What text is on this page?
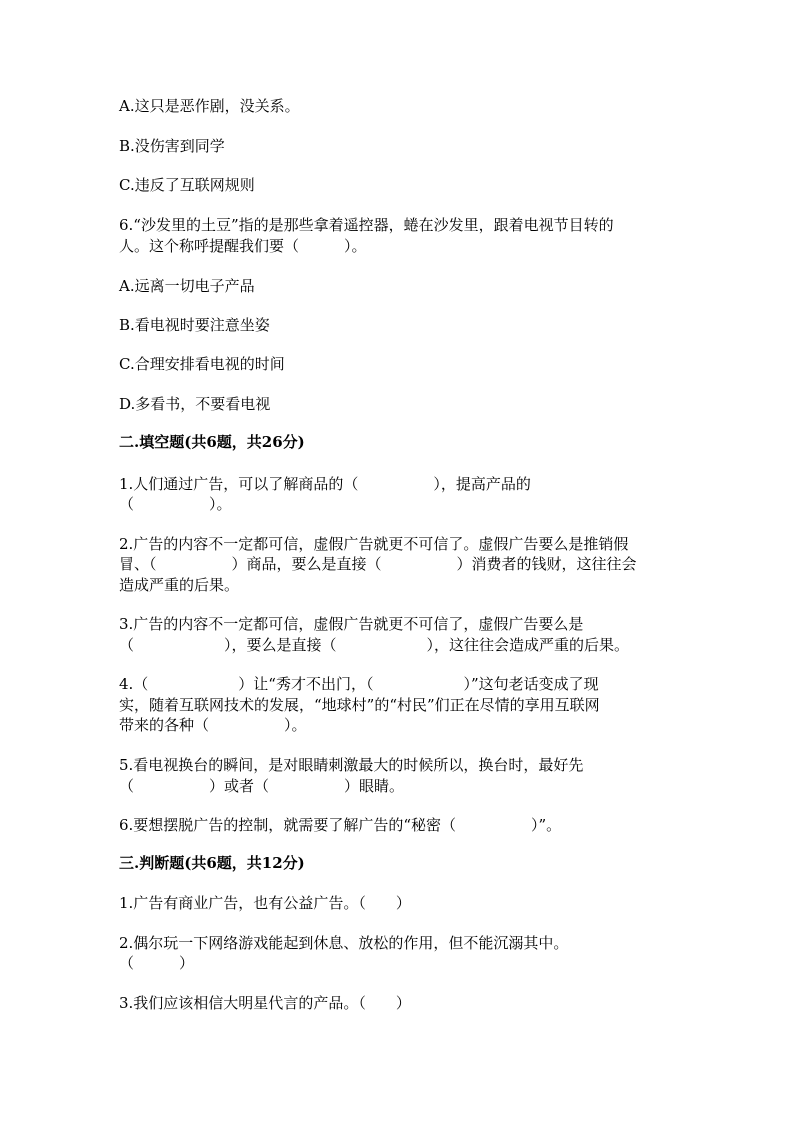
A.这只是恶作剧，没关系。
B.没伤害到同学
C.违反了互联网规则
6.“沙发里的土豆”指的是那些拿着遥控器，蜷在沙发里，跟着电视节目转的
人。这个称呼提醒我们要（　　　）。
A.远离一切电子产品
B.看电视时要注意坐姿
C.合理安排看电视的时间
D.多看书，不要看电视
二.填空题(共6题，共26分)
1.人们通过广告，可以了解商品的（　　　　　），提高产品的
（　　　　　）。
2.广告的内容不一定都可信，虚假广告就更不可信了。虚假广告要么是推销假
冒、（　　　　　）商品，要么是直接（　　　　　）消费者的钱财，这往往会
造成严重的后果。
3.广告的内容不一定都可信，虚假广告就更不可信了，虚假广告要么是
（　　　　　　），要么是直接（　　　　　　），这往往会造成严重的后果。
4.（　　　　　　）让“秀才不出门，（　　　　　　）”这句老话变成了现
实，随着互联网技术的发展，“地球村”的“村民”们正在尽情的享用互联网
带来的各种（　　　　　）。
5.看电视换台的瞬间，是对眼睛刺激最大的时候所以，换台时，最好先
（　　　　　）或者（　　　　　）眼睛。
6.要想摆脱广告的控制，就需要了解广告的“秘密（　　　　　）”。
三.判断题(共6题，共12分)
1.广告有商业广告，也有公益广告。（　　）
2.偶尔玩一下网络游戏能起到休息、放松的作用，但不能沉溺其中。
（　　　）
3.我们应该相信大明星代言的产品。（　　）
